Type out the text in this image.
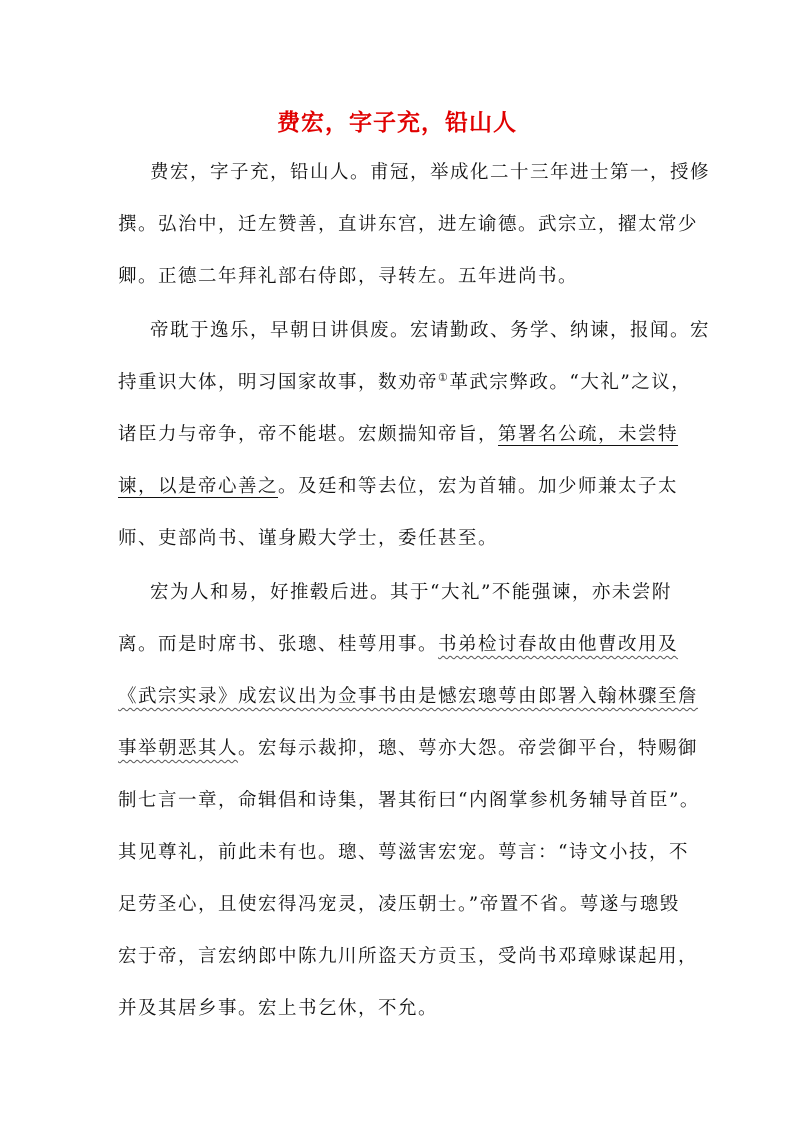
费宏，字子充，铅山人
费宏，字子充，铅山人。甫冠，举成化二十三年进士第一，授修
撰。弘治中，迁左赞善，直讲东宫，进左谕德。武宗立，擢太常少
卿。正德二年拜礼部右侍郎，寻转左。五年进尚书。
帝耽于逸乐，早朝日讲俱废。宏请勤政、务学、纳谏，报闻。宏
持重识大体，明习国家故事，数劝帝①革武宗弊政。“大礼”之议，
诸臣力与帝争，帝不能堪。宏颇揣知帝旨，第署名公疏，未尝特
谏，以是帝心善之。及廷和等去位，宏为首辅。加少师兼太子太
师、吏部尚书、谨身殿大学士，委任甚至。
宏为人和易，好推毂后进。其于“大礼”不能强谏，亦未尝附
离。而是时席书、张璁、桂萼用事。书弟检讨春故由他曹改用及
《武宗实录》成宏议出为佥事书由是憾宏璁萼由郎署入翰林骤至詹
事举朝恶其人。宏每示裁抑，璁、萼亦大怨。帝尝御平台，特赐御
制七言一章，命辑倡和诗集，署其衔曰“内阁掌参机务辅导首臣”。
其见尊礼，前此未有也。璁、萼滋害宏宠。萼言：“诗文小技，不
足劳圣心，且使宏得冯宠灵，凌压朝士。”帝置不省。萼遂与璁毁
宏于帝，言宏纳郎中陈九川所盗天方贡玉，受尚书邓璋赇谋起用，
并及其居乡事。宏上书乞休，不允。
